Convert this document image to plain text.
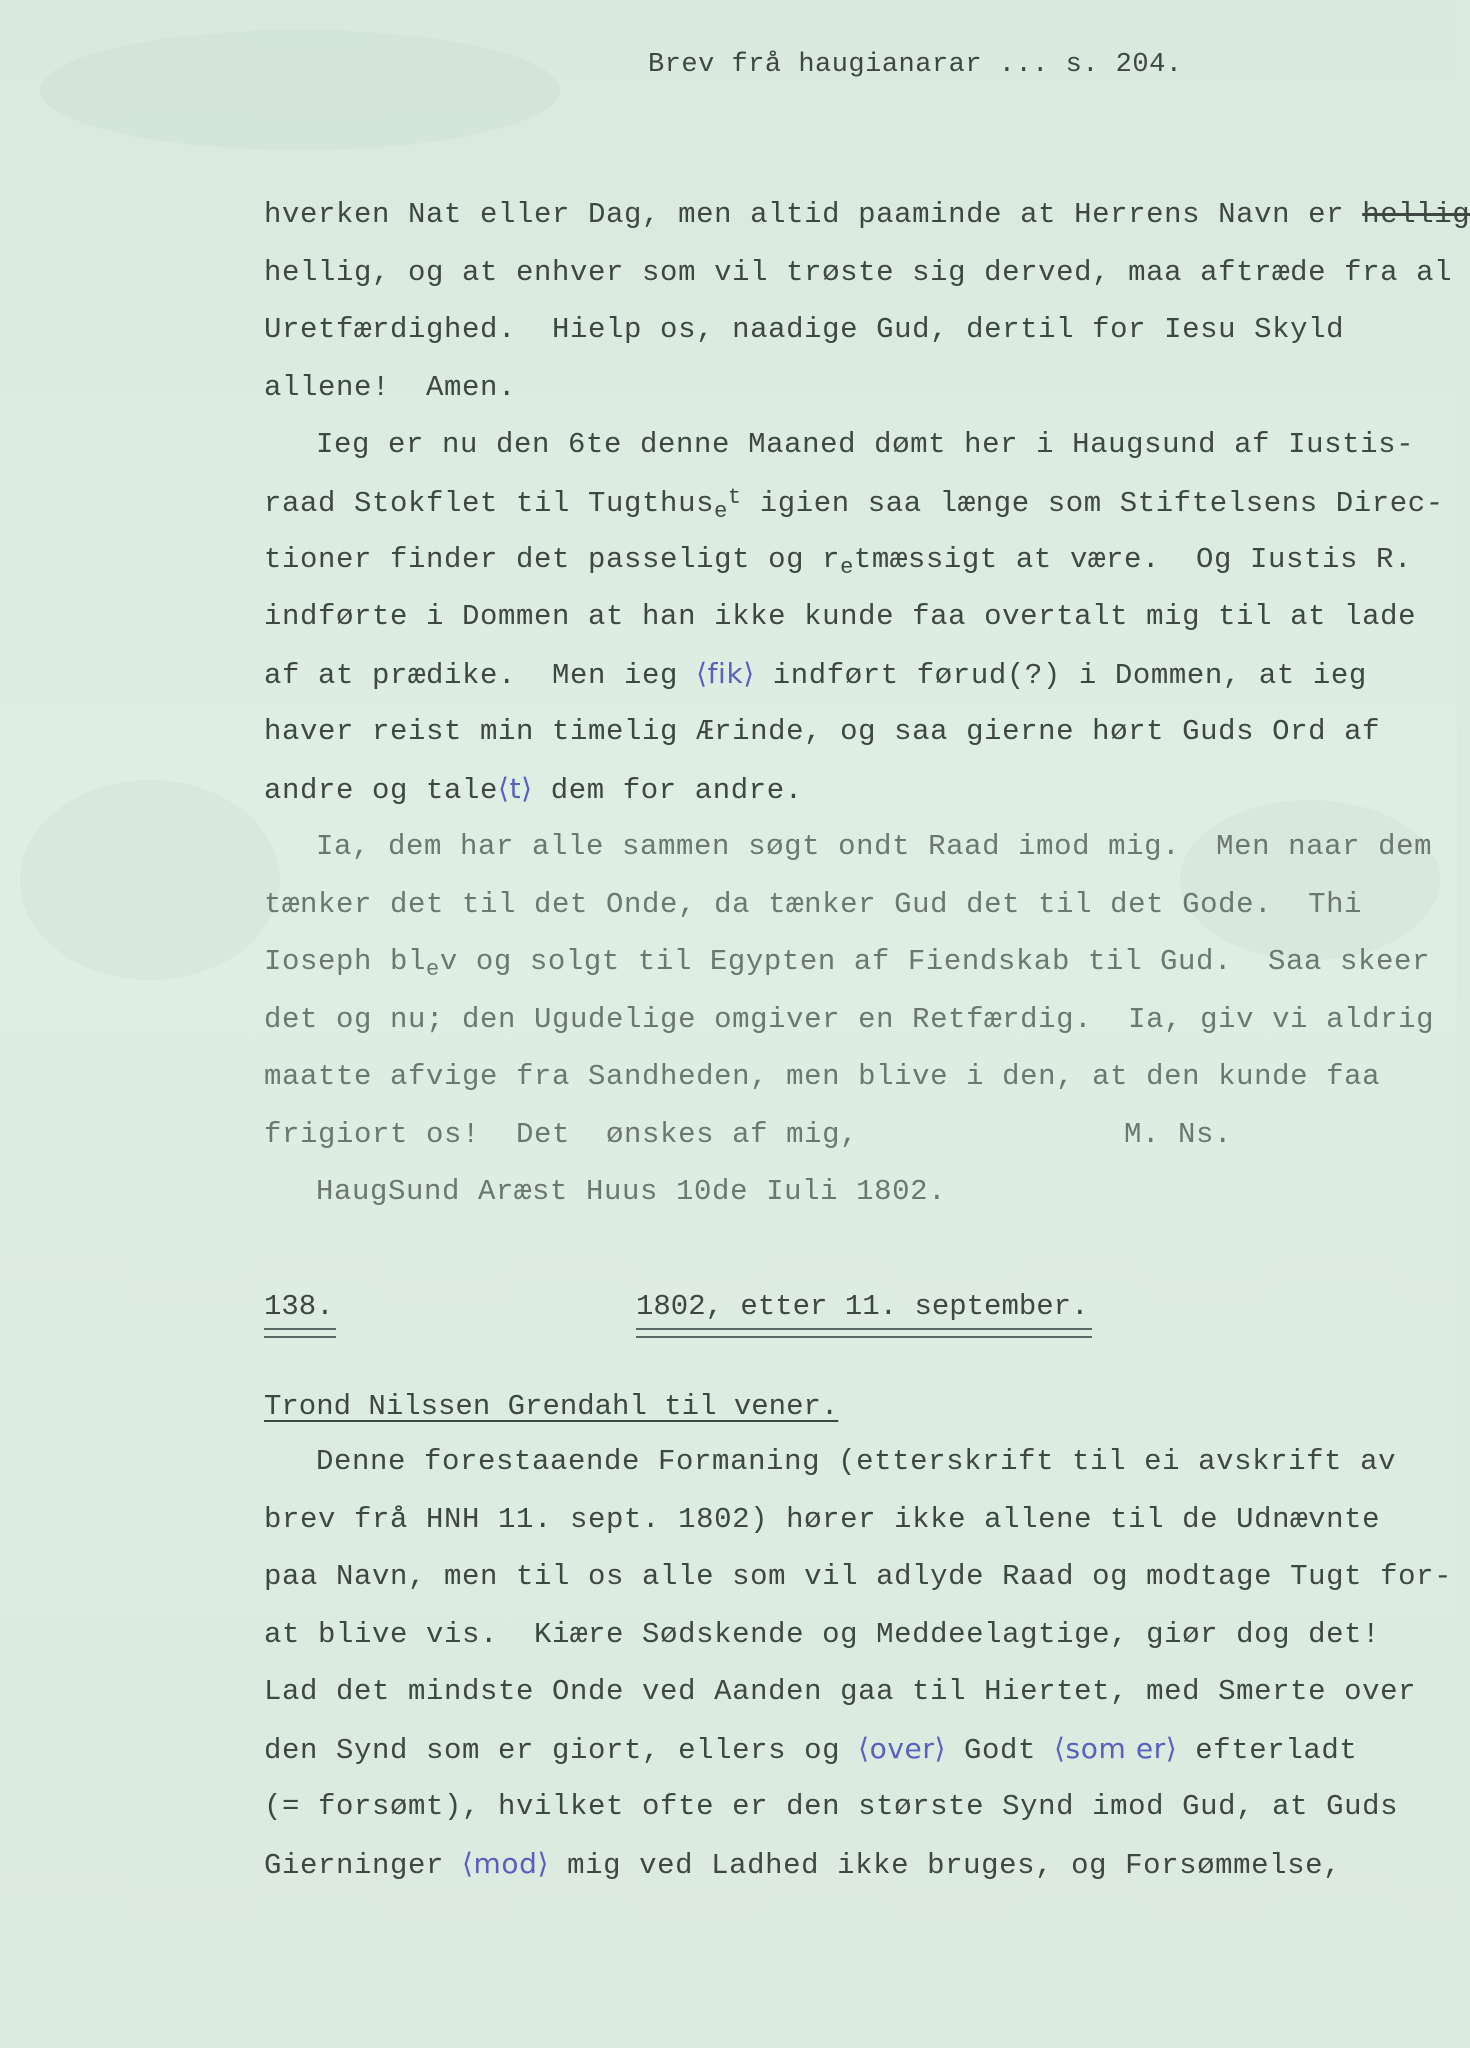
Brev frå haugianarar ... s. 204.
hverken Nat eller Dag, men altid paaminde at Herrens Navn er hellig
hellig, og at enhver som vil trøste sig derved, maa aftræde fra al
Uretfærdighed.  Hielp os, naadige Gud, dertil for Iesu Skyld
allene!  Amen.
Ieg er nu den 6te denne Maaned dømt her i Haugsund af Iustis-
raad Stokflet til Tugthus$_e^t$ igien saa længe som Stiftelsens Direc-
tioner finder det passeligt og $r_etmæssigt$ at være.  Og Iustis R.
indførte i Dommen at han ikke kunde faa overtalt mig til at lade
af at prædike.  Men ieg ⟨fik⟩ indført førud(?) i Dommen, at ieg
haver reist min timelig Ærinde, og saa gierne hørt Guds Ord af
andre og tale⟨t⟩ dem for andre.
Ia, dem har alle sammen søgt ondt Raad imod mig.  Men naar dem
tænker det til det Onde, da tænker Gud det til det Gode.  Thi
Ioseph $bl_ev$ og solgt til Egypten af Fiendskab til Gud.  Saa skeer
det og nu; den Ugudelige omgiver en Retfærdig.  Ia, giv vi aldrig
maatte afvige fra Sandheden, men blive i den, at den kunde faa
frigiort os!  Det  ønskes af mig,	M. Ns.
HaugSund Aræst Huus 10de Iuli 1802.
138.	1802, etter 11. september.
Trond Nilssen Grendahl til vener.
Denne forestaaende Formaning (etterskrift til ei avskrift av
brev frå HNH 11. sept. 1802) hører ikke allene til de Udnævnte
paa Navn, men til os alle som vil adlyde Raad og modtage Tugt for-
at blive vis.  Kiære Sødskende og Meddeelagtige, giør dog det!
Lad det mindste Onde ved Aanden gaa til Hiertet, med Smerte over
den Synd som er giort, ellers og ⟨over⟩ Godt ⟨som er⟩ efterladt
(= forsømt), hvilket ofte er den største Synd imod Gud, at Guds
Gierninger ⟨mod⟩ mig ved Ladhed ikke bruges, og Forsømmelse,
